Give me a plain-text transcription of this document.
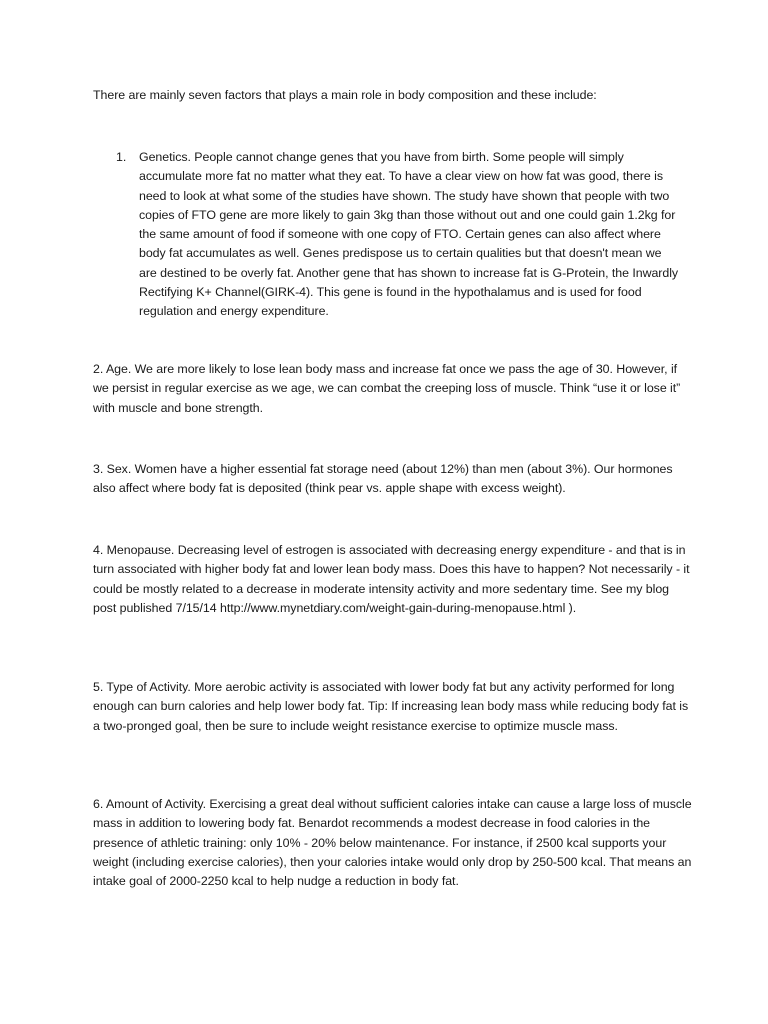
There are mainly seven factors that plays a main role in body composition and these include:

1. Genetics. People cannot change genes that you have from birth. Some people will simply accumulate more fat no matter what they eat. To have a clear view on how fat was good, there is need to look at what some of the studies have shown. The study have shown that people with two copies of FTO gene are more likely to gain 3kg than those without out and one could gain 1.2kg for the same amount of food if someone with one copy of FTO. Certain genes can also affect where body fat accumulates as well. Genes predispose us to certain qualities but that doesn't mean we are destined to be overly fat. Another gene that has shown to increase fat is G-Protein, the Inwardly Rectifying K+ Channel(GIRK-4). This gene is found in the hypothalamus and is used for food regulation and energy expenditure.

2. Age. We are more likely to lose lean body mass and increase fat once we pass the age of 30. However, if we persist in regular exercise as we age, we can combat the creeping loss of muscle. Think “use it or lose it” with muscle and bone strength.

3. Sex. Women have a higher essential fat storage need (about 12%) than men (about 3%). Our hormones also affect where body fat is deposited (think pear vs. apple shape with excess weight).

4. Menopause. Decreasing level of estrogen is associated with decreasing energy expenditure - and that is in turn associated with higher body fat and lower lean body mass. Does this have to happen? Not necessarily - it could be mostly related to a decrease in moderate intensity activity and more sedentary time. See my blog post published 7/15/14 http://www.mynetdiary.com/weight-gain-during-menopause.html ).

5. Type of Activity. More aerobic activity is associated with lower body fat but any activity performed for long enough can burn calories and help lower body fat. Tip: If increasing lean body mass while reducing body fat is a two-pronged goal, then be sure to include weight resistance exercise to optimize muscle mass.

6. Amount of Activity. Exercising a great deal without sufficient calories intake can cause a large loss of muscle mass in addition to lowering body fat. Benardot recommends a modest decrease in food calories in the presence of athletic training: only 10% - 20% below maintenance. For instance, if 2500 kcal supports your weight (including exercise calories), then your calories intake would only drop by 250-500 kcal. That means an intake goal of 2000-2250 kcal to help nudge a reduction in body fat.
